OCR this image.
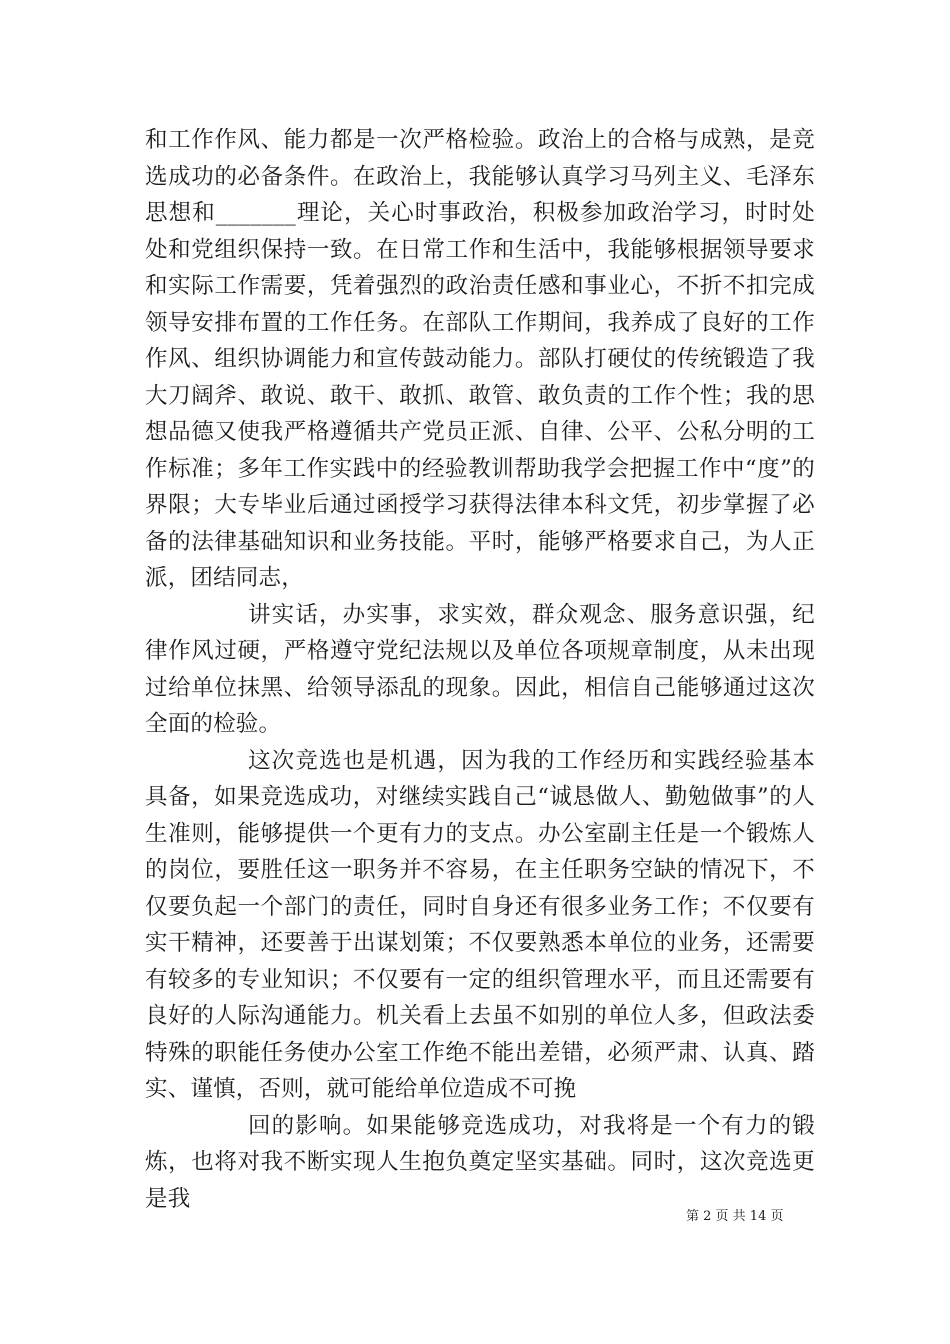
和工作作风、能力都是一次严格检验。政治上的合格与成熟，是竞选成功的必备条件。在政治上，我能够认真学习马列主义、毛泽东思想和_______理论，关心时事政治，积极参加政治学习，时时处处和党组织保持一致。在日常工作和生活中，我能够根据领导要求和实际工作需要，凭着强烈的政治责任感和事业心，不折不扣完成领导安排布置的工作任务。在部队工作期间，我养成了良好的工作作风、组织协调能力和宣传鼓动能力。部队打硬仗的传统锻造了我大刀阔斧、敢说、敢干、敢抓、敢管、敢负责的工作个性；我的思想品德又使我严格遵循共产党员正派、自律、公平、公私分明的工作标准；多年工作实践中的经验教训帮助我学会把握工作中“度”的界限；大专毕业后通过函授学习获得法律本科文凭，初步掌握了必备的法律基础知识和业务技能。平时，能够严格要求自己，为人正派，团结同志，

讲实话，办实事，求实效，群众观念、服务意识强，纪律作风过硬，严格遵守党纪法规以及单位各项规章制度，从未出现过给单位抹黑、给领导添乱的现象。因此，相信自己能够通过这次全面的检验。

这次竞选也是机遇，因为我的工作经历和实践经验基本具备，如果竞选成功，对继续实践自己“诚恳做人、勤勉做事”的人生准则，能够提供一个更有力的支点。办公室副主任是一个锻炼人的岗位，要胜任这一职务并不容易，在主任职务空缺的情况下，不仅要负起一个部门的责任，同时自身还有很多业务工作；不仅要有实干精神，还要善于出谋划策；不仅要熟悉本单位的业务，还需要有较多的专业知识；不仅要有一定的组织管理水平，而且还需要有良好的人际沟通能力。机关看上去虽不如别的单位人多，但政法委特殊的职能任务使办公室工作绝不能出差错，必须严肃、认真、踏实、谨慎，否则，就可能给单位造成不可挽

回的影响。如果能够竞选成功，对我将是一个有力的锻炼，也将对我不断实现人生抱负奠定坚实基础。同时，这次竞选更是我

第 2 页 共 14 页
